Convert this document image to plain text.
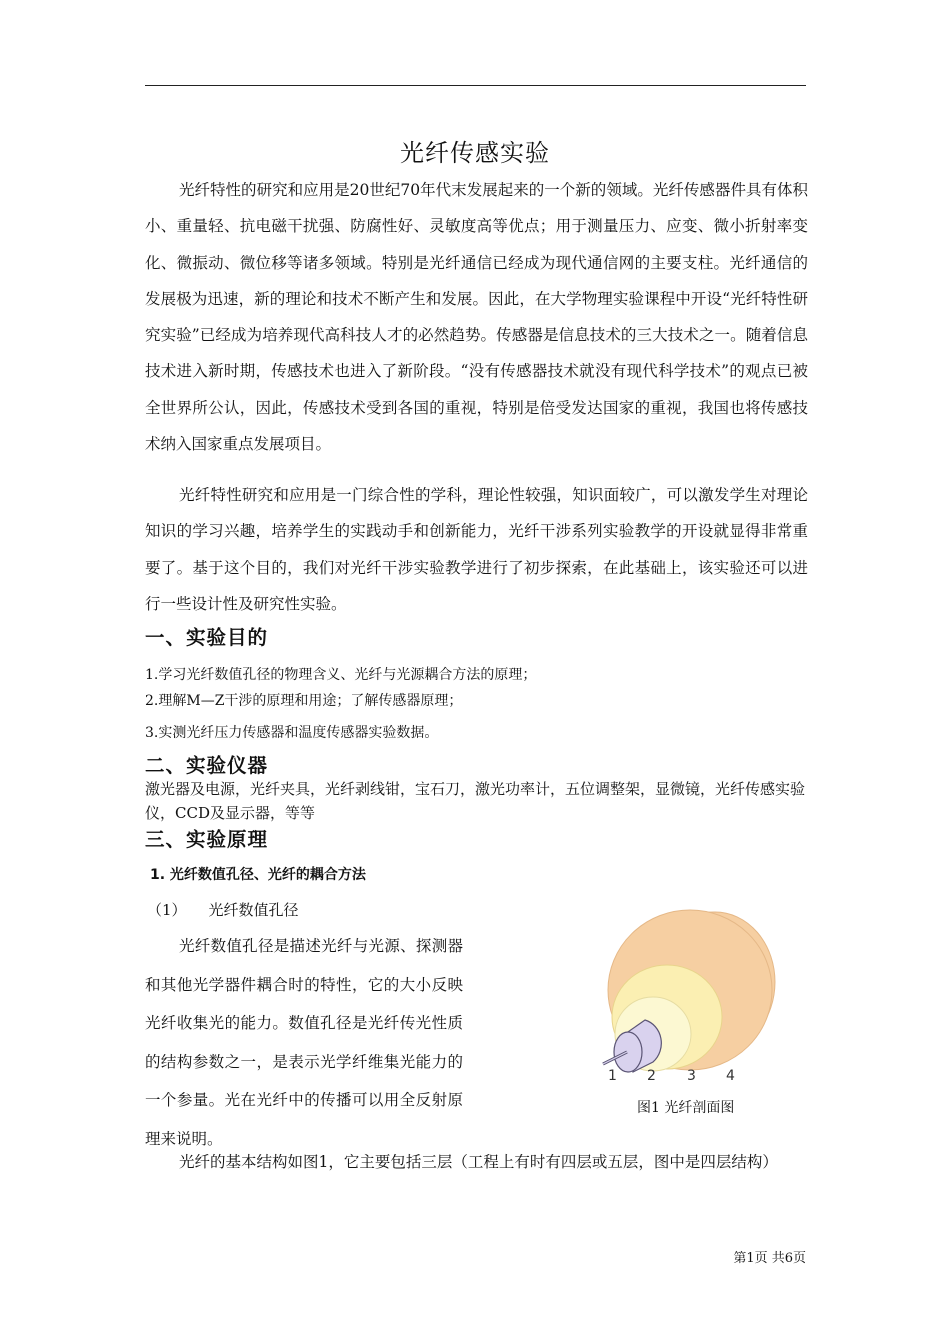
光纤传感实验
光纤特性的研究和应用是20世纪70年代末发展起来的一个新的领域。光纤传感器件具有体积小、重量轻、抗电磁干扰强、防腐性好、灵敏度高等优点；用于测量压力、应变、微小折射率变化、微振动、微位移等诸多领域。特别是光纤通信已经成为现代通信网的主要支柱。光纤通信的发展极为迅速，新的理论和技术不断产生和发展。因此，在大学物理实验课程中开设“光纤特性研究实验”已经成为培养现代高科技人才的必然趋势。传感器是信息技术的三大技术之一。随着信息技术进入新时期，传感技术也进入了新阶段。“没有传感器技术就没有现代科学技术”的观点已被全世界所公认，因此，传感技术受到各国的重视，特别是倍受发达国家的重视，我国也将传感技术纳入国家重点发展项目。
光纤特性研究和应用是一门综合性的学科，理论性较强，知识面较广，可以激发学生对理论知识的学习兴趣，培养学生的实践动手和创新能力，光纤干涉系列实验教学的开设就显得非常重要了。基于这个目的，我们对光纤干涉实验教学进行了初步探索，在此基础上，该实验还可以进行一些设计性及研究性实验。
一、实验目的
1.学习光纤数值孔径的物理含义、光纤与光源耦合方法的原理；
2.理解M—Z干涉的原理和用途；了解传感器原理；
3.实测光纤压力传感器和温度传感器实验数据。
二、实验仪器
激光器及电源，光纤夹具，光纤剥线钳，宝石刀，激光功率计，五位调整架，显微镜，光纤传感实验仪，CCD及显示器，等等
三、实验原理
1. 光纤数值孔径、光纤的耦合方法
（1） 光纤数值孔径
光纤数值孔径是描述光纤与光源、探测器和其他光学器件耦合时的特性，它的大小反映光纤收集光的能力。数值孔径是光纤传光性质的结构参数之一，是表示光学纤维集光能力的一个参量。光在光纤中的传播可以用全反射原理来说明。
1 2 3 4
图1 光纤剖面图
光纤的基本结构如图1，它主要包括三层（工程上有时有四层或五层，图中是四层结构）
第1页 共6页
